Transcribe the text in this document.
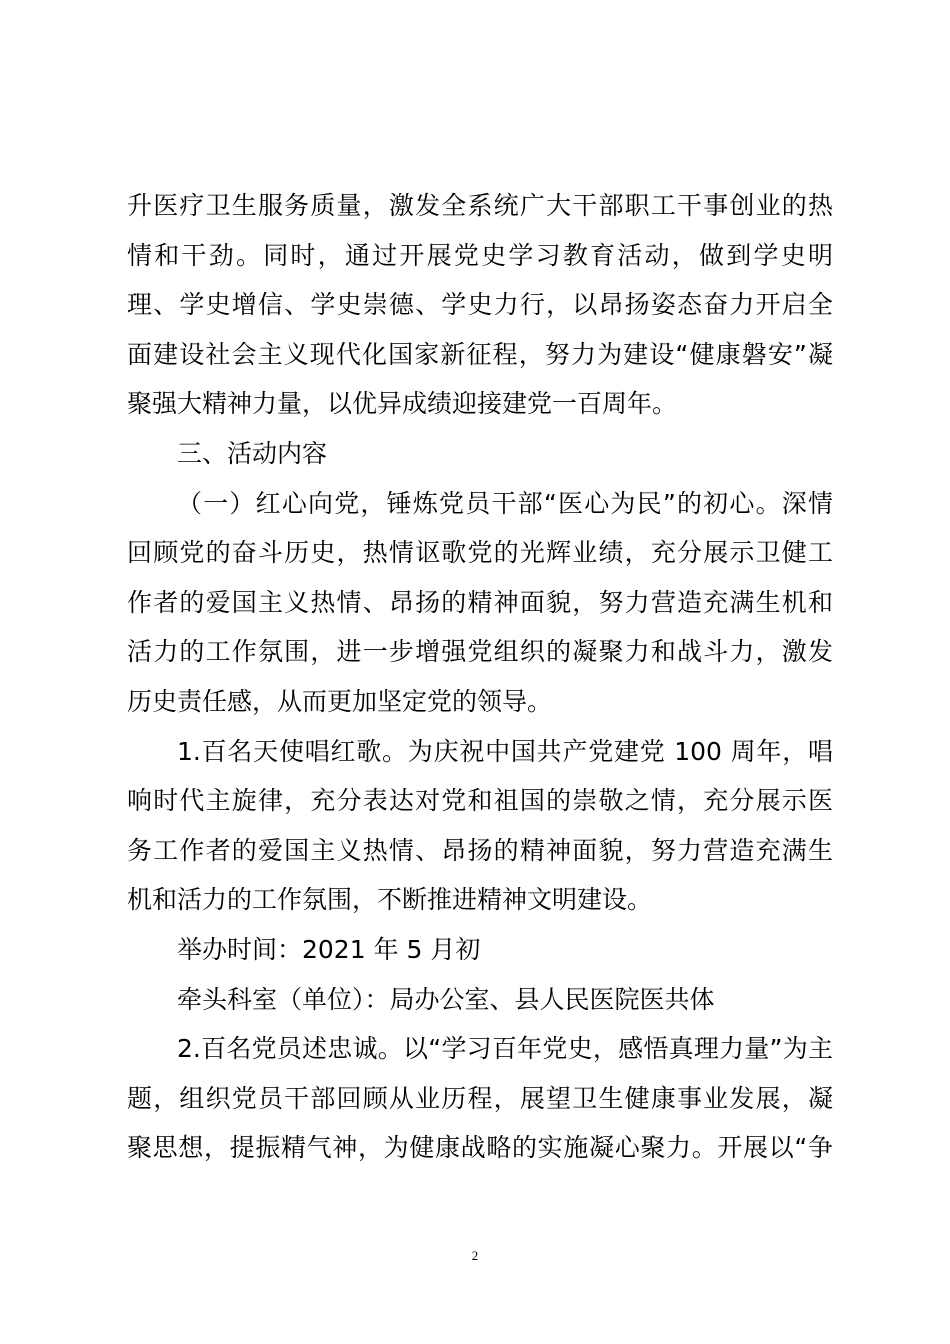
升医疗卫生服务质量，激发全系统广大干部职工干事创业的热
情和干劲。同时，通过开展党史学习教育活动，做到学史明
理、学史增信、学史崇德、学史力行，以昂扬姿态奋力开启全
面建设社会主义现代化国家新征程，努力为建设“健康磐安”凝
聚强大精神力量，以优异成绩迎接建党一百周年。
三、活动内容
（一）红心向党，锤炼党员干部“医心为民”的初心。深情
回顾党的奋斗历史，热情讴歌党的光辉业绩，充分展示卫健工
作者的爱国主义热情、昂扬的精神面貌，努力营造充满生机和
活力的工作氛围，进一步增强党组织的凝聚力和战斗力，激发
历史责任感，从而更加坚定党的领导。
1.百名天使唱红歌。为庆祝中国共产党建党 100 周年，唱
响时代主旋律，充分表达对党和祖国的崇敬之情，充分展示医
务工作者的爱国主义热情、昂扬的精神面貌，努力营造充满生
机和活力的工作氛围，不断推进精神文明建设。
举办时间：2021 年 5 月初
牵头科室（单位）：局办公室、县人民医院医共体
2.百名党员述忠诚。以“学习百年党史，感悟真理力量”为主
题，组织党员干部回顾从业历程，展望卫生健康事业发展，凝
聚思想，提振精气神，为健康战略的实施凝心聚力。开展以“争
2
